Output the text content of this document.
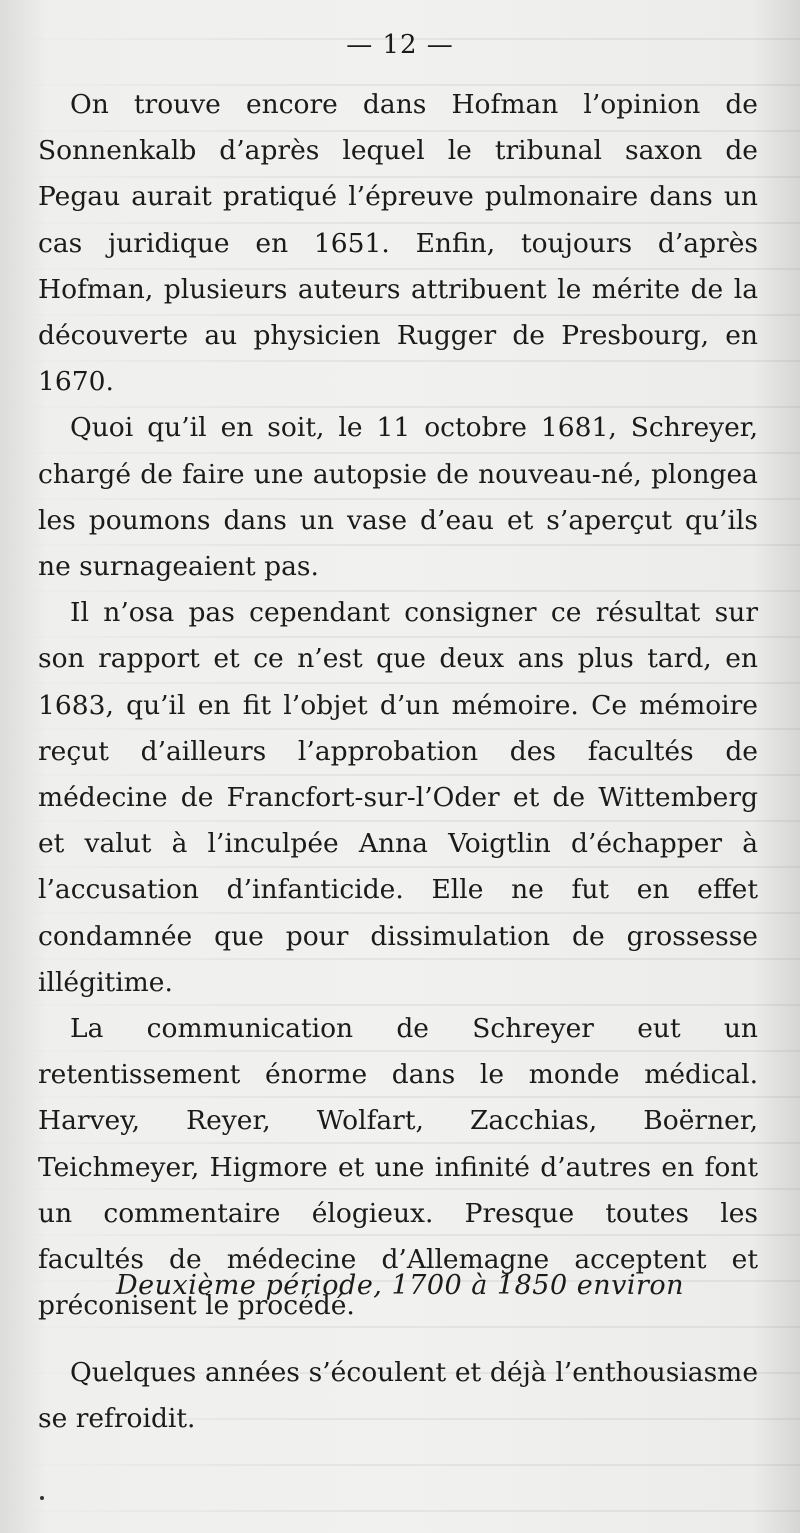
— 12 —

On trouve encore dans Hofman l’opinion de Sonnenkalb d’après lequel le tribunal saxon de Pegau aurait pratiqué l’épreuve pulmonaire dans un cas juridique en 1651. Enfin, toujours d’après Hofman, plusieurs auteurs attribuent le mérite de la découverte au physicien Rugger de Presbourg, en 1670.

Quoi qu’il en soit, le 11 octobre 1681, Schreyer, chargé de faire une autopsie de nouveau-né, plongea les poumons dans un vase d’eau et s’aperçut qu’ils ne surnageaient pas.

Il n’osa pas cependant consigner ce résultat sur son rapport et ce n’est que deux ans plus tard, en 1683, qu’il en fit l’objet d’un mémoire. Ce mémoire reçut d’ailleurs l’approbation des facultés de médecine de Francfort-sur-l’Oder et de Wittemberg et valut à l’inculpée Anna Voigtlin d’échapper à l’accusation d’infanticide. Elle ne fut en effet condamnée que pour dissimulation de grossesse illégitime.

La communication de Schreyer eut un retentissement énorme dans le monde médical. Harvey, Reyer, Wolfart, Zacchias, Boërner, Teichmeyer, Higmore et une infinité d’autres en font un commentaire élogieux. Presque toutes les facultés de médecine d’Allemagne acceptent et préconisent le procédé.

Deuxième période, 1700 à 1850 environ

Quelques années s’écoulent et déjà l’enthousiasme se refroidit.
